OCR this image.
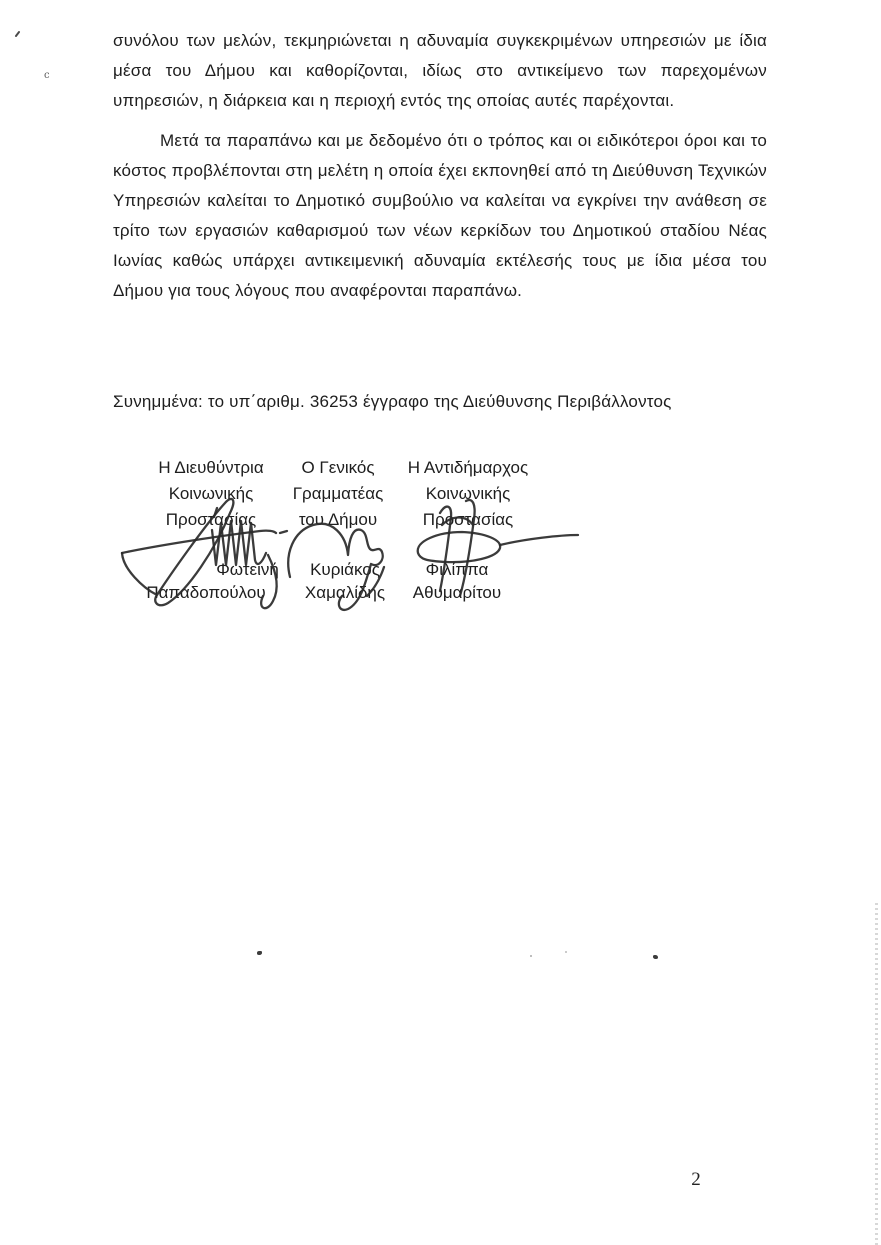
συνόλου των μελών, τεκμηριώνεται η αδυναμία συγκεκριμένων υπηρεσιών με ίδια μέσα του Δήμου και καθορίζονται, ιδίως στο αντικείμενο των παρεχομένων υπηρεσιών, η διάρκεια και η περιοχή εντός της οποίας αυτές παρέχονται.

Μετά τα παραπάνω και με δεδομένο ότι ο τρόπος και οι ειδικότεροι όροι και το κόστος προβλέπονται στη μελέτη η οποία έχει εκπονηθεί από τη Διεύθυνση Τεχνικών Υπηρεσιών καλείται το Δημοτικό συμβούλιο να καλείται να εγκρίνει την ανάθεση σε τρίτο των εργασιών καθαρισμού των νέων κερκίδων του Δημοτικού σταδίου Νέας Ιωνίας καθώς υπάρχει αντικειμενική αδυναμία εκτέλεσής τους με ίδια μέσα του Δήμου για τους λόγους που αναφέρονται παραπάνω.

Συνημμένα: το υπ΄αριθμ. 36253 έγγραφο της Διεύθυνσης Περιβάλλοντος
Η Διευθύντρια
Κοινωνικής
Προστασίας
Ο Γενικός
Γραμματέας
του Δήμου
Η Αντιδήμαρχος
Κοινωνικής
Προστασίας
Φωτεινή
Παπαδοπούλου
Κυριάκος
Χαμαλίδης
Φιλίππα
Αθυμαρίτου
2
c
